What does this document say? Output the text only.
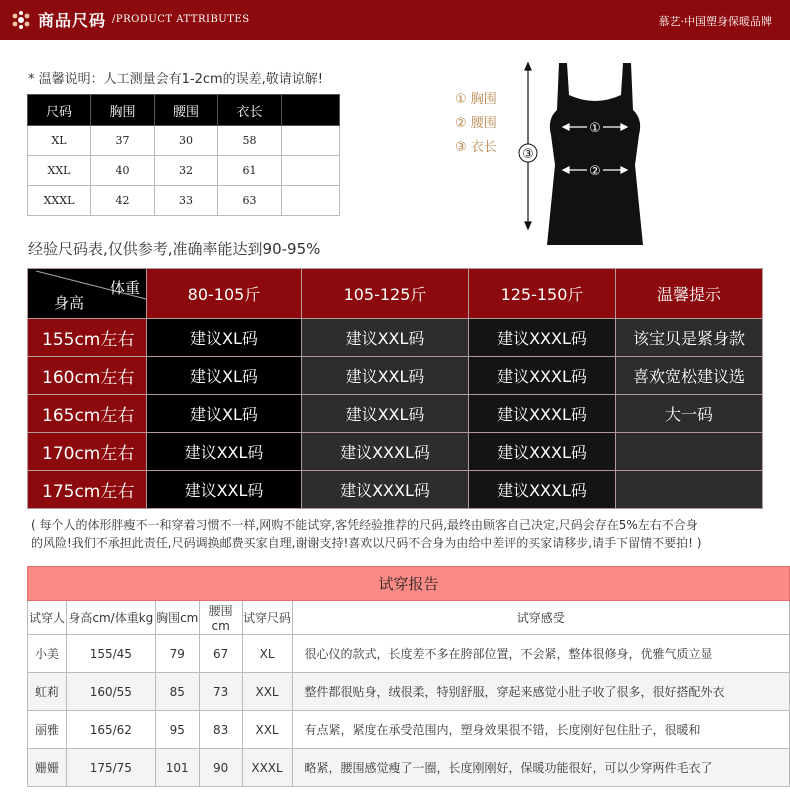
商品尺码 /PRODUCT ATTRIBUTES	慕艺·中国塑身保暖品牌
* 温馨说明：人工测量会有1-2cm的误差,敬请谅解!
尺码	胸围	腰围	衣长	
XL	37	30	58	
XXL	40	32	61	
XXXL	42	33	63	
① 胸围
② 腰围
③ 衣长
①
②
③
经验尺码表,仅供参考,准确率能达到90-95%
体重
身高	80-105斤	105-125斤	125-150斤	温馨提示
155cm左右	建议XL码	建议XXL码	建议XXXL码	该宝贝是紧身款
160cm左右	建议XL码	建议XXL码	建议XXXL码	喜欢宽松建议选
165cm左右	建议XL码	建议XXL码	建议XXXL码	大一码
170cm左右	建议XXL码	建议XXXL码	建议XXXL码	
175cm左右	建议XXL码	建议XXXL码	建议XXXL码	
( 每个人的体形胖瘦不一和穿着习惯不一样,网购不能试穿,客凭经验推荐的尺码,最终由顾客自己决定,尺码会存在5%左右不合身
的风险!我们不承担此责任,尺码调换邮费买家自理,谢谢支持!喜欢以尺码不合身为由给中差评的买家请移步,请手下留情不要拍! )
试穿报告					
试穿人	身高cm/体重kg	胸围cm	腰围cm	试穿尺码	试穿感受
小美	155/45	79	67	XL	很心仪的款式，长度差不多在胯部位置，不会紧，整体很修身，优雅气质立显
虹莉	160/55	85	73	XXL	整件都很贴身，绒很柔，特别舒服，穿起来感觉小肚子收了很多，很好搭配外衣
丽雅	165/62	95	83	XXL	有点紧，紧度在承受范围内，塑身效果很不错，长度刚好包住肚子，很暖和
姗姗	175/75	101	90	XXXL	略紧，腰围感觉瘦了一圈，长度刚刚好，保暖功能很好，可以少穿两件毛衣了
